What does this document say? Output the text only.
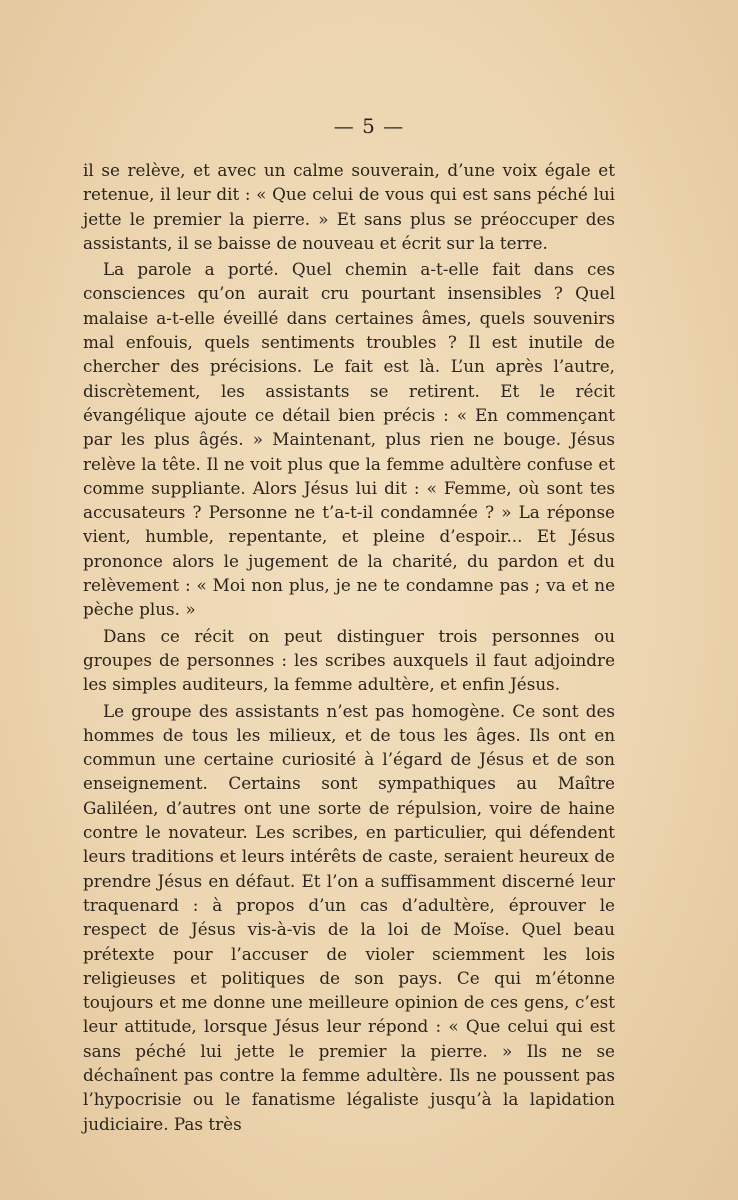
— 5 —

il se relève, et avec un calme souverain, d’une voix égale et retenue, il leur dit : « Que celui de vous qui est sans péché lui jette le premier la pierre. » Et sans plus se préoccuper des assistants, il se baisse de nouveau et écrit sur la terre.

La parole a porté. Quel chemin a-t-elle fait dans ces consciences qu’on aurait cru pourtant insensibles ? Quel malaise a-t-elle éveillé dans certaines âmes, quels souvenirs mal enfouis, quels sentiments troubles ? Il est inutile de chercher des précisions. Le fait est là. L’un après l’autre, discrètement, les assistants se retirent. Et le récit évangélique ajoute ce détail bien précis : « En commençant par les plus âgés. » Maintenant, plus rien ne bouge. Jésus relève la tête. Il ne voit plus que la femme adultère confuse et comme suppliante. Alors Jésus lui dit : « Femme, où sont tes accusateurs ? Personne ne t’a-t-il condamnée ? » La réponse vient, humble, repentante, et pleine d’espoir... Et Jésus prononce alors le jugement de la charité, du pardon et du relèvement : « Moi non plus, je ne te condamne pas ; va et ne pèche plus. »

Dans ce récit on peut distinguer trois personnes ou groupes de personnes : les scribes auxquels il faut adjoindre les simples auditeurs, la femme adultère, et enfin Jésus.

Le groupe des assistants n’est pas homogène. Ce sont des hommes de tous les milieux, et de tous les âges. Ils ont en commun une certaine curiosité à l’égard de Jésus et de son enseignement. Certains sont sympathiques au Maître Galiléen, d’autres ont une sorte de répulsion, voire de haine contre le novateur. Les scribes, en particulier, qui défendent leurs traditions et leurs intérêts de caste, seraient heureux de prendre Jésus en défaut. Et l’on a suffisamment discerné leur traquenard : à propos d’un cas d’adultère, éprouver le respect de Jésus vis-à-vis de la loi de Moïse. Quel beau prétexte pour l’accuser de violer sciemment les lois religieuses et politiques de son pays. Ce qui m’étonne toujours et me donne une meilleure opinion de ces gens, c’est leur attitude, lorsque Jésus leur répond : « Que celui qui est sans péché lui jette le premier la pierre. » Ils ne se déchaînent pas contre la femme adultère. Ils ne poussent pas l’hypocrisie ou le fanatisme légaliste jusqu’à la lapidation judiciaire. Pas très
